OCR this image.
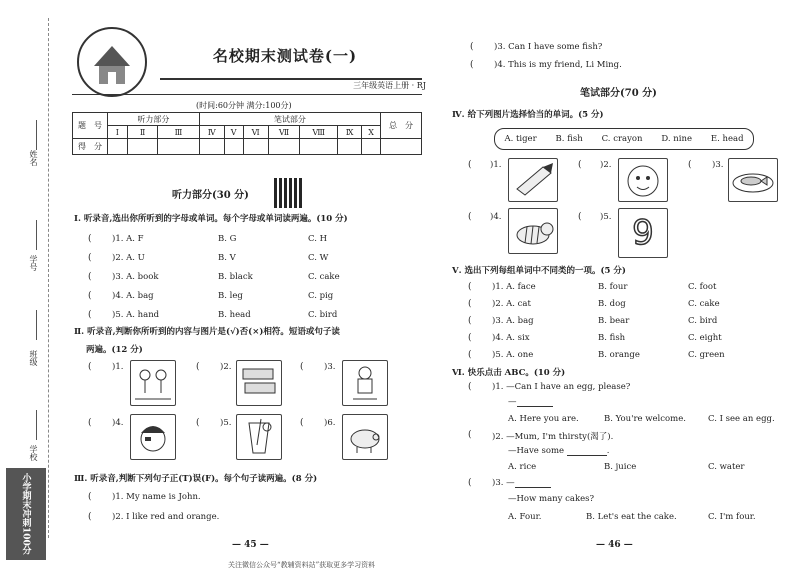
姓名
学号
班级
学校
小学期末冲刺100分
名校期末测试卷(一)
三年级英语上册 · RJ
(时间:60分钟 满分:100分)
题　号	听力部分			笔试部分							总　分
	Ⅰ	Ⅱ	Ⅲ	Ⅳ	Ⅴ	Ⅵ	Ⅶ	Ⅷ	Ⅸ	Ⅹ	
得　分											
听力部分(30 分)
Ⅰ. 听录音,选出你所听到的字母或单词。每个字母或单词读两遍。(10 分)
( )1. A. F	B. G	C. H
( )2. A. U	B. V	C. W
( )3. A. book	B. black	C. cake
( )4. A. bag	B. leg	C. pig
( )5. A. hand	B. head	C. bird
Ⅱ. 听录音,判断你所听到的内容与图片是(√)否(×)相符。短语或句子读
两遍。(12 分)
( )1.	( )2.	( )3.
( )4.	( )5.	( )6.
Ⅲ. 听录音,判断下列句子正(T)误(F)。每个句子读两遍。(8 分)
( )1. My name is John.
( )2. I like red and orange.
— 45 —
( )3. Can I have some fish?
( )4. This is my friend, Li Ming.
笔试部分(70 分)
Ⅳ. 给下列图片选择恰当的单词。(5 分)
A. tiger B. fish C. crayon D. nine E. head
( )1.	( )2.	( )3.
( )4.	( )5. 9
Ⅴ. 选出下列每组单词中不同类的一项。(5 分)
( )1. A. face	B. four	C. foot
( )2. A. cat	B. dog	C. cake
( )3. A. bag	B. bear	C. bird
( )4. A. six	B. fish	C. eight
( )5. A. one	B. orange	C. green
Ⅵ. 快乐点击 ABC。(10 分)
( )1. —Can I have an egg, please?
—
A. Here you are.	B. You're welcome.	C. I see an egg.
( )2. —Mum, I'm thirsty(渴了).
—Have some	.
A. rice	B. juice	C. water
( )3. —
—How many cakes?
A. Four.	B. Let's eat the cake.	C. I'm four.
— 46 —
关注微信公众号“教辅资料站”获取更多学习资料
